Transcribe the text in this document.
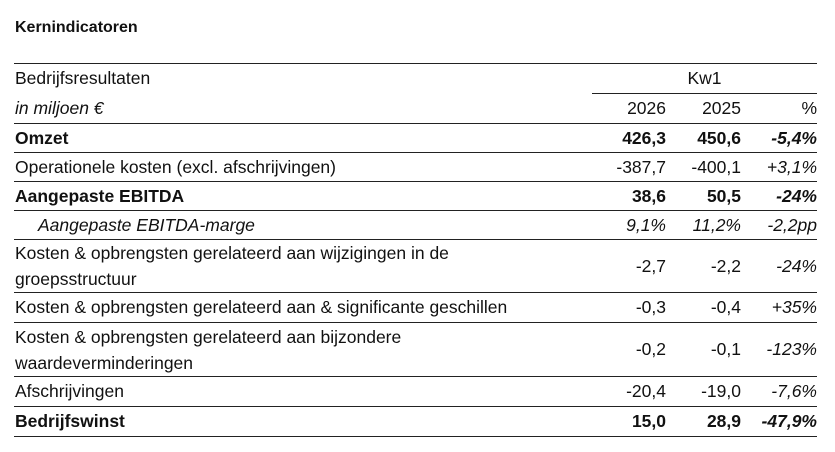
Kernindicatoren
Bedrijfsresultaten	Kw1		
in miljoen €	2026	2025	%
Omzet	426,3	450,6	-5,4%
Operationele kosten (excl. afschrijvingen)	-387,7	-400,1	+3,1%
Aangepaste EBITDA	38,6	50,5	-24%
Aangepaste EBITDA-marge	9,1%	11,2%	-2,2pp
Kosten & opbrengsten gerelateerd aan wijzigingen in de
groepsstructuur	-2,7	-2,2	-24%
Kosten & opbrengsten gerelateerd aan & significante geschillen	-0,3	-0,4	+35%
Kosten & opbrengsten gerelateerd aan bijzondere
waardeverminderingen	-0,2	-0,1	-123%
Afschrijvingen	-20,4	-19,0	-7,6%
Bedrijfswinst	15,0	28,9	-47,9%
